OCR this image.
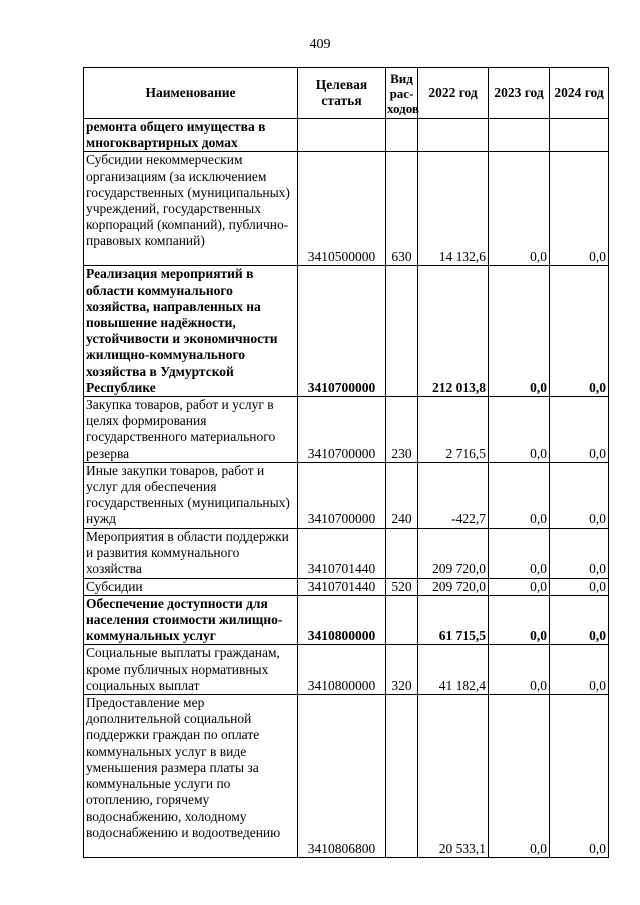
409
Наименование	Целевая статья	Вид рас-ходов	2022 год	2023 год	2024 год
ремонта общего имущества в многоквартирных домах					
Субсидии некоммерческим организациям (за исключением государственных (муниципальных) учреждений, государственных корпораций (компаний), публично-правовых компаний)	3410500000	630	14 132,6	0,0	0,0
Реализация мероприятий в области коммунального хозяйства, направленных на повышение надёжности, устойчивости и экономичности жилищно-коммунального хозяйства в Удмуртской Республике	3410700000		212 013,8	0,0	0,0
Закупка товаров, работ и услуг в целях формирования государственного материального резерва	3410700000	230	2 716,5	0,0	0,0
Иные закупки товаров, работ и услуг для обеспечения государственных (муниципальных) нужд	3410700000	240	-422,7	0,0	0,0
Мероприятия в области поддержки и развития коммунального хозяйства	3410701440		209 720,0	0,0	0,0
Субсидии	3410701440	520	209 720,0	0,0	0,0
Обеспечение доступности для населения стоимости жилищно-коммунальных услуг	3410800000		61 715,5	0,0	0,0
Социальные выплаты гражданам, кроме публичных нормативных социальных выплат	3410800000	320	41 182,4	0,0	0,0
Предоставление мер дополнительной социальной поддержки граждан по оплате коммунальных услуг в виде уменьшения размера платы за коммунальные услуги по отоплению, горячему водоснабжению, холодному водоснабжению и водоотведению	3410806800		20 533,1	0,0	0,0
